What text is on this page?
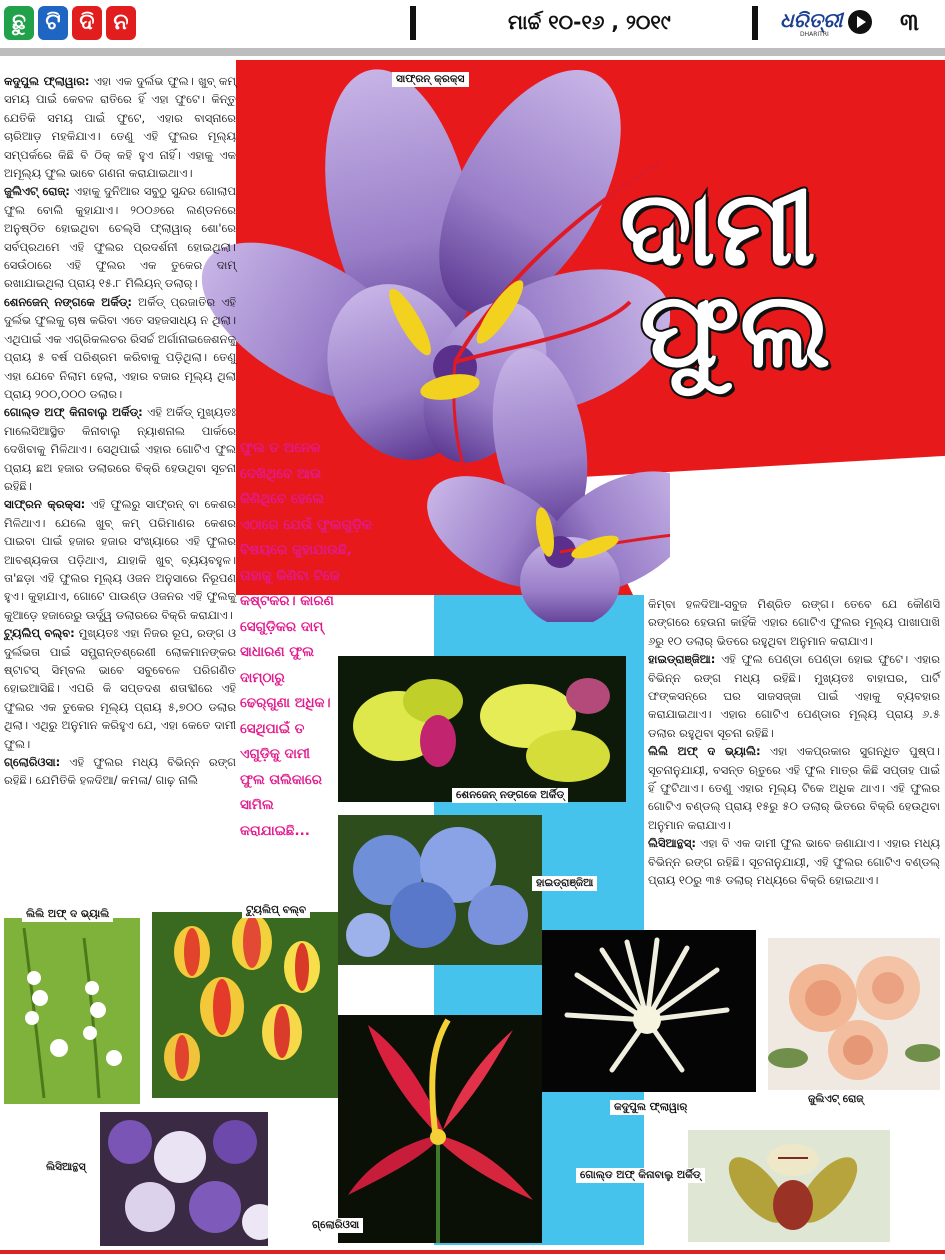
ଛୁ ଟି ଦି ନ	ମାର୍ଚ୍ଚ ୧୦-୧୬ , ୨୦୧୯	ଧରିତ୍ରୀ
DHARITRI	୩
ସାଫ୍ରନ୍ କ୍ରକ୍ସ
ଦାମୀ
ଫୁଲ

କଦୁପୁଲ ଫ୍ଲାୱାର: ଏହା ଏକ ଦୁର୍ଲଭ ଫୁଲ। ଖୁବ୍ କମ୍ ସମୟ ପାଇଁ କେବଳ ରାତିରେ ହିଁ ଏହା ଫୁଟେ। କିନ୍ତୁ ଯେତିକି ସମୟ ପାଇଁ ଫୁଟେ, ଏହାର ବାସ୍ନାରେ ଚାରିଆଡ଼ ମହକିଯାଏ। ତେଣୁ ଏହି ଫୁଲର ମୂଲ୍ୟ ସମ୍ପର୍କରେ କିଛି ବି ଠିକ୍ କହି ହୁଏ ନାହିଁ। ଏହାକୁ ଏକ ଅମୂଲ୍ୟ ଫୁଲ ଭାବେ ଗଣନା କରାଯାଇଥାଏ।

ଜୁଲିଏଟ୍ ରୋଜ୍: ଏହାକୁ ଦୁନିଆର ସବୁଠୁ ସୁନ୍ଦର ଗୋଲାପ ଫୁଲ ବୋଲି କୁହାଯାଏ। ୨୦୦୬ରେ ଲଣ୍ଡନରେ ଅନୁଷ୍ଠିତ ହୋଇଥିବା ଚେଲ୍‌ସି ଫ୍ଲାୱାର୍ ଶୋ'ରେ ସର୍ବପ୍ରଥମେ ଏହି ଫୁଲର ପ୍ରଦର୍ଶନୀ ହୋଇଥିଲା। ସେଉଁଠାରେ ଏହି ଫୁଲର ଏକ ତୁକେର ଦାମ୍ ରଖାଯାଇଥିଲା ପ୍ରାୟ ୧୫.୮ ମିଲିୟନ୍ ଡଲାର୍।

ଶେନଜେନ୍ ନଙ୍ଗକେ ଅର୍କିଡ୍: ଅର୍କିଡ୍ ପ୍ରଜାତିର ଏହି ଦୁର୍ଲଭ ଫୁଲକୁ ଚାଷ କରିବା ଏତେ ସହଜସାଧ୍ୟ ନ ଥିଲା। ଏଥିପାଇଁ ଏକ ଏଗ୍ରିକଲଚର ରିସର୍ଚ୍ଚ ଅର୍ଗାନାଇଜେଶନକୁ ପ୍ରାୟ ୫ ବର୍ଷ ପରିଶ୍ରମ କରିବାକୁ ପଡ଼ିଥିଲା। ତେଣୁ ଏହା ଯେବେ ନିଲାମ ହେଲା, ଏହାର ବଜାର ମୂଲ୍ୟ ଥିଲା ପ୍ରାୟ ୨୦୦,୦୦୦ ଡଲାର।

ଗୋଲ୍ଡ ଅଫ୍ କିନାବାଲୁ ଅର୍କିଡ୍: ଏହି ଅର୍କିଡ୍ ମୁଖ୍ୟତଃ ମାଲେସିଆସ୍ଥିତ କିନାବାଲୁ ନ୍ୟାଶନାଲ ପାର୍କରେ ଦେଖିବାକୁ ମିଳିଥାଏ। ସେଥିପାଇଁ ଏହାର ଗୋଟିଏ ଫୁଲ ପ୍ରାୟ ଛଅ ହଜାର ଡଲାରରେ ବିକ୍ରି ହେଉଥିବା ସୂଚନା ରହିଛି।

ସାଫ୍ରନ କ୍ରକ୍ସ: ଏହି ଫୁଲରୁ ସାଫ୍ରନ୍ ବା କେଶର ମିଳିଥାଏ। ଯେଲେ ଖୁବ୍ କମ୍ ପରିମାଣର କେଶର ପାଇବା ପାଇଁ ହଜାର ହଜାର ସଂଖ୍ୟାରେ ଏହି ଫୁଲର ଆବଶ୍ୟକତା ପଡ଼ିଥାଏ, ଯାହାକି ଖୁବ୍ ବ୍ୟୟବହୁଳ। ତା'ଛଡ଼ା ଏହି ଫୁଲର ମୂଲ୍ୟ ଓଜନ ଅନୁସାରେ ନିରୂପଣ ହୁଏ। କୁହାଯାଏ, ଗୋଟେ ପାଉଣ୍ଡ ଓଜନର ଏହି ଫୁଲକୁ କୁଆଡ଼େ ହଜାରେରୁ ଊର୍ଦ୍ଧ୍ୱ ଡଲାରରେ ବିକ୍ରି କରାଯାଏ।

ଟ୍ୟୁଲିପ୍ ବଲ୍‌ବ: ମୁଖ୍ୟତଃ ଏହା ନିଜର ରୂପ, ରଙ୍ଗ ଓ ଦୁର୍ଲଭତା ପାଇଁ ସମ୍ଭ୍ରାନ୍ତଶ୍ରେଣୀ ଲୋକମାନଙ୍କର ଷ୍ଟାଟସ୍ ସିମ୍ବଲ ଭାବେ ସବୁବେଳେ ପରିଗଣିତ ହୋଇଆସିଛି। ଏପରି କି ସପ୍ତଦଶ ଶତାବ୍ଦୀରେ ଏହି ଫୁଲର ଏକ ତୁକେର ମୂଲ୍ୟ ପ୍ରାୟ ୫,୭୦୦ ଡଲାର ଥିଲା। ଏଥିରୁ ଅନୁମାନ କରିହୁଏ ଯେ, ଏହା କେତେ ଦାମୀ ଫୁଲ।

ଗ୍ଲୋରିଓସା: ଏହି ଫୁଲର ମଧ୍ୟ ବିଭିନ୍ନ ରଙ୍ଗ ରହିଛି। ଯେମିତିକି ହଳଦିଆ/ କମଳା/ ଗାଢ଼ ନାଲି

ଫୁଲ ତ ଅନେକ
ଦେଖିଥିବେ ଆଉ
କିଣିଥିବେ ହେଲେ
ଏଠାରେ ଯେଉଁ ଫୁଲଗୁଡ଼ିକ
ବିଷୟରେ କୁହାଯାଉଛି,
ତାହାକୁ କିଣିବା ଟିକେ
କଷ୍ଟକର। କାରଣ
ସେଗୁଡ଼ିକର ଦାମ୍
ସାଧାରଣ ଫୁଲ
ଦାମ୍‌ଠାରୁ
ଢେର୍‌ଗୁଣା ଅଧିକ।
ସେଥିପାଇଁ ତ
ଏଗୁଡ଼ିକୁ ଦାମୀ
ଫୁଲ ତାଲିକାରେ
ସାମିଲ
କରାଯାଇଛି...

କିମ୍ବା ହଳଦିଆ-ସବୁଜ ମିଶ୍ରିତ ରଙ୍ଗ। ତେବେ ଯେ କୌଣସି ରଙ୍ଗରେ ହେଉନା କାହିଁକି ଏହାର ଗୋଟିଏ ଫୁଲର ମୂଲ୍ୟ ପାଖାପାଖି ୬ରୁ ୧୦ ଡଲାର୍ ଭିତରେ ରହୁଥିବା ଅନୁମାନ କରାଯାଏ।

ହାଇଡ୍ରାଞ୍ଜିଆ: ଏହି ଫୁଲ ପେଣ୍ଡା ପେଣ୍ଡା ହୋଇ ଫୁଟେ। ଏହାର ବିଭିନ୍ନ ରଙ୍ଗ ମଧ୍ୟ ରହିଛି। ମୁଖ୍ୟତଃ ବାହାଘର, ପାର୍ଟି ଫଙ୍କସନ୍‌ରେ ଘର ସାଜସଜ୍ଜା ପାଇଁ ଏହାକୁ ବ୍ୟବହାର କରାଯାଇଥାଏ। ଏହାର ଗୋଟିଏ ପେଣ୍ଡାର ମୂଲ୍ୟ ପ୍ରାୟ ୬.୫ ଡଲାର ରହୁଥିବା ସୂଚନା ରହିଛି।

ଲିଲି ଅଫ୍ ଦ ଭ୍ୟାଲି: ଏହା ଏକପ୍ରକାର ସୁଗନ୍ଧିତ ପୁଷ୍ପ। ସୂଚନାନୁଯାୟୀ, ବସନ୍ତ ଋତୁରେ ଏହି ଫୁଲ ମାତ୍ର କିଛି ସପ୍ତାହ ପାଇଁ ହିଁ ଫୁଟିଥାଏ। ତେଣୁ ଏହାର ମୂଲ୍ୟ ଟିକେ ଅଧିକ ଥାଏ। ଏହି ଫୁଲର ଗୋଟିଏ ବଣ୍ଡଲ୍ ପ୍ରାୟ ୧୫ରୁ ୫୦ ଡଲାର୍ ଭିତରେ ବିକ୍ରି ହେଉଥିବା ଅନୁମାନ କରାଯାଏ।

ଲିସିଆନ୍ଥସ୍: ଏହା ବି ଏକ ଦାମୀ ଫୁଲ ଭାବେ ଜଣାଯାଏ। ଏହାର ମଧ୍ୟ ବିଭିନ୍ନ ରଙ୍ଗ ରହିଛି। ସୂଚନାନୁଯାୟୀ, ଏହି ଫୁଲର ଗୋଟିଏ ବଣ୍ଡଲ୍ ପ୍ରାୟ ୧୦ରୁ ୩୫ ଡଲାର୍ ମଧ୍ୟରେ ବିକ୍ରି ହୋଇଥାଏ।

ଶେନଜେନ୍ ନଙ୍ଗକେ ଅର୍କିଡ୍
ହାଇଡ୍ରାଞ୍ଜିଆ
ଲିଲି ଅଫ୍ ଦ ଭ୍ୟାଲି	ଟ୍ୟୁଲିପ୍ ବଲ୍‌ବ
ଗ୍ଲୋରିଓସା
ଲିସିଆନ୍ଥସ୍
କଦୁପୁଲ ଫ୍ଲାୱାର୍
ଜୁଲିଏଟ୍ ରୋଜ୍
ଗୋଲ୍ଡ ଅଫ୍ କିନାବାଲୁ ଅର୍କିଡ୍
